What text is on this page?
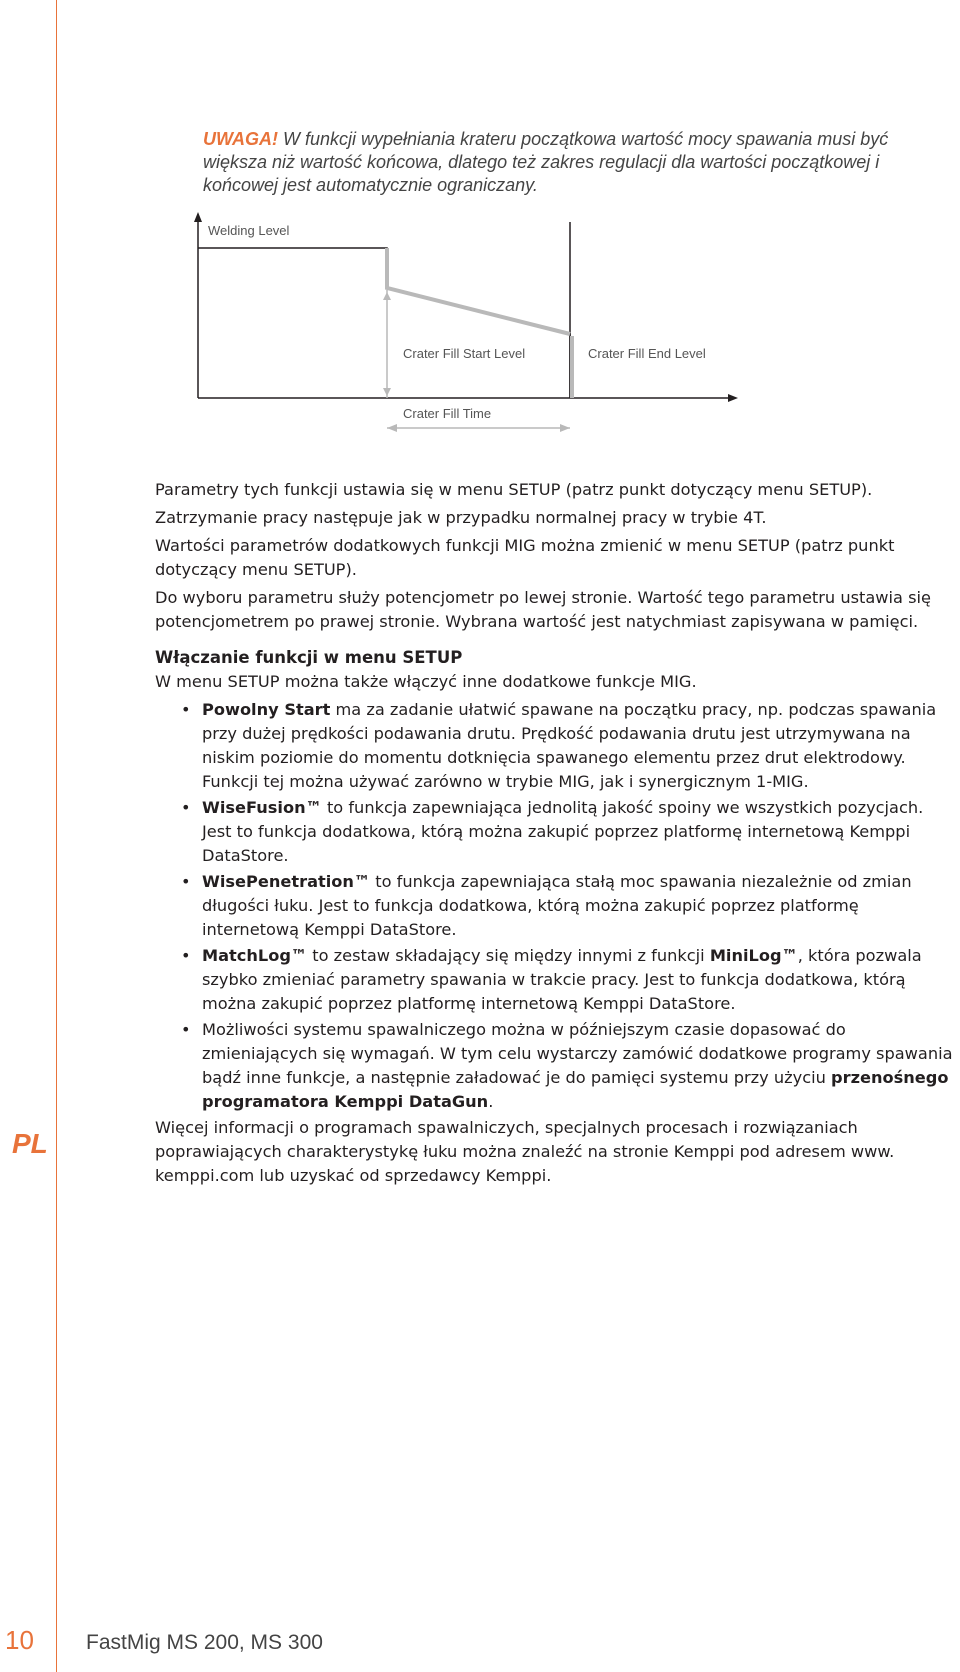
PL
UWAGA! W funkcji wypełniania krateru początkowa wartość mocy spawania musi być większa niż wartość końcowa, dlatego też zakres regulacji dla wartości początkowej i końcowej jest automatycznie ograniczany.
Welding Level
Crater Fill Start Level	Crater Fill End Level
Crater Fill Time

Parametry tych funkcji ustawia się w menu SETUP (patrz punkt dotyczący menu SETUP).

Zatrzymanie pracy następuje jak w przypadku normalnej pracy w trybie 4T.

Wartości parametrów dodatkowych funkcji MIG można zmienić w menu SETUP (patrz punkt dotyczący menu SETUP).

Do wyboru parametru służy potencjometr po lewej stronie. Wartość tego parametru ustawia się potencjometrem po prawej stronie. Wybrana wartość jest natychmiast zapisywana w pamięci.

Włączanie funkcji w menu SETUP

W menu SETUP można także włączyć inne dodatkowe funkcje MIG.

• Powolny Start ma za zadanie ułatwić spawane na początku pracy, np. podczas spawania przy dużej prędkości podawania drutu. Prędkość podawania drutu jest utrzymywana na niskim poziomie do momentu dotknięcia spawanego elementu przez drut elektrodowy. Funkcji tej można używać zarówno w trybie MIG, jak i synergicznym 1-MIG.
• WiseFusion™ to funkcja zapewniająca jednolitą jakość spoiny we wszystkich pozycjach. Jest to funkcja dodatkowa, którą można zakupić poprzez platformę internetową Kemppi DataStore.
• WisePenetration™ to funkcja zapewniająca stałą moc spawania niezależnie od zmian długości łuku. Jest to funkcja dodatkowa, którą można zakupić poprzez platformę internetową Kemppi DataStore.
• MatchLog™ to zestaw składający się między innymi z funkcji MiniLog™, która pozwala szybko zmieniać parametry spawania w trakcie pracy. Jest to funkcja dodatkowa, którą można zakupić poprzez platformę internetową Kemppi DataStore.
• Możliwości systemu spawalniczego można w późniejszym czasie dopasować do zmieniających się wymagań. W tym celu wystarczy zamówić dodatkowe programy spawania bądź inne funkcje, a następnie załadować je do pamięci systemu przy użyciu przenośnego programatora Kemppi DataGun.

Więcej informacji o programach spawalniczych, specjalnych procesach i rozwiązaniach poprawiających charakterystykę łuku można znaleźć na stronie Kemppi pod adresem www. kemppi.com lub uzyskać od sprzedawcy Kemppi.

10 FastMig MS 200, MS 300
